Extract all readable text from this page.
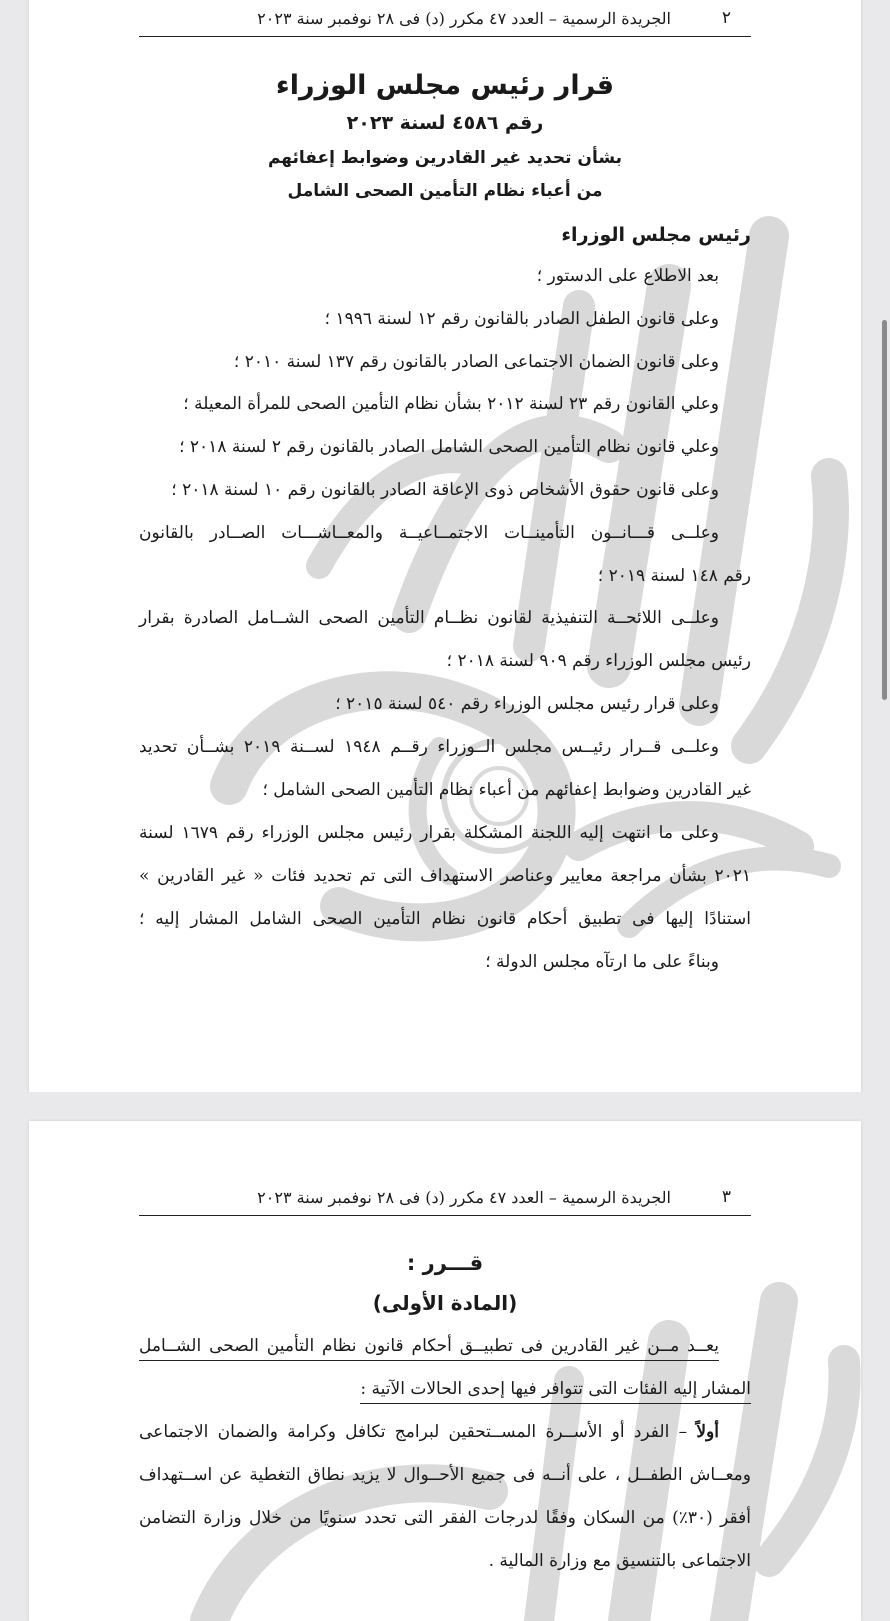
٢
الجريدة الرسمية – العدد ٤٧ مكرر (د) فى ٢٨ نوفمبر سنة ٢٠٢٣
قرار رئيس مجلس الوزراء
رقم ٤٥٨٦ لسنة ٢٠٢٣
بشأن تحديد غير القادرين وضوابط إعفائهم
من أعباء نظام التأمين الصحى الشامل
رئيس مجلس الوزراء
بعد الاطلاع على الدستور ؛
وعلى قانون الطفل الصادر بالقانون رقم ١٢ لسنة ١٩٩٦ ؛
وعلى قانون الضمان الاجتماعى الصادر بالقانون رقم ١٣٧ لسنة ٢٠١٠ ؛
وعلي القانون رقم ٢٣ لسنة ٢٠١٢ بشأن نظام التأمين الصحى للمرأة المعيلة ؛
وعلي قانون نظام التأمين الصحى الشامل الصادر بالقانون رقم ٢ لسنة ٢٠١٨ ؛
وعلى قانون حقوق الأشخاص ذوى الإعاقة الصادر بالقانون رقم ١٠ لسنة ٢٠١٨ ؛
وعلــى قـــانــون التأمينــات الاجتمــاعيــة والمعــاشـــات الصــادر بالقانون
رقم ١٤٨ لسنة ٢٠١٩ ؛
وعلــى اللائحــة التنفيذية لقانون نظــام التأمين الصحى الشــامل الصادرة بقرار
رئيس مجلس الوزراء رقم ٩٠٩ لسنة ٢٠١٨ ؛
وعلى قرار رئيس مجلس الوزراء رقم ٥٤٠ لسنة ٢٠١٥ ؛
وعلــى قــرار رئيــس مجلس الــوزراء رقــم ١٩٤٨ لســنة ٢٠١٩ بشــأن تحديد
غير القادرين وضوابط إعفائهم من أعباء نظام التأمين الصحى الشامل ؛
وعلى ما انتهت إليه اللجنة المشكلة بقرار رئيس مجلس الوزراء رقم ١٦٧٩ لسنة
٢٠٢١ بشأن مراجعة معايير وعناصر الاستهداف التى تم تحديد فئات « غير القادرين »
استنادًا إليها فى تطبيق أحكام قانون نظام التأمين الصحى الشامل المشار إليه ؛
وبناءً على ما ارتآه مجلس الدولة ؛
٣
الجريدة الرسمية – العدد ٤٧ مكرر (د) فى ٢٨ نوفمبر سنة ٢٠٢٣
قـــرر :
(المادة الأولى)
يعــد مــن غير القادرين فى تطبيــق أحكام قانون نظام التأمين الصحى الشــامل
المشار إليه الفئات التى تتوافر فيها إحدى الحالات الآتية :
أولاً – الفرد أو الأســرة المســتحقين لبرامج تكافل وكرامة والضمان الاجتماعى
ومعــاش الطفــل ، على أنــه فى جميع الأحــوال لا يزيد نطاق التغطية عن اســتهداف
أفقر (٣٠٪) من السكان وفقًا لدرجات الفقر التى تحدد سنويًا من خلال وزارة التضامن
الاجتماعى بالتنسيق مع وزارة المالية .
